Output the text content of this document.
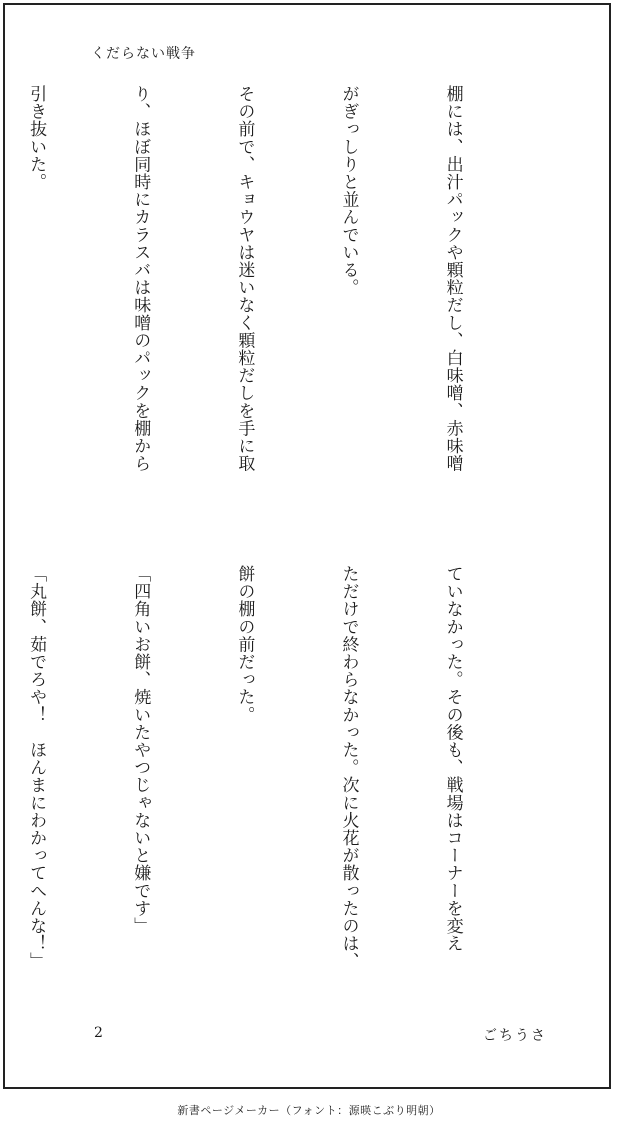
くだらない戦争

棚には、出汁パックや顆粒だし、白味噌、赤味噌

がぎっしりと並んでいる。

その前で、キョウヤは迷いなく顆粒だしを手に取

り、ほぼ同時にカラスバは味噌のパックを棚から

引き抜いた。

ていなかった。その後も、戦場はコーナーを変え

ただけで終わらなかった。次に火花が散ったのは、

餅の棚の前だった。

「四角いお餅、焼いたやつじゃないと嫌です」

「丸餅、茹でろや！　ほんまにわかってへんな！」

2	ごちうさ
新書ページメーカー（フォント：源暎こぶり明朝）
